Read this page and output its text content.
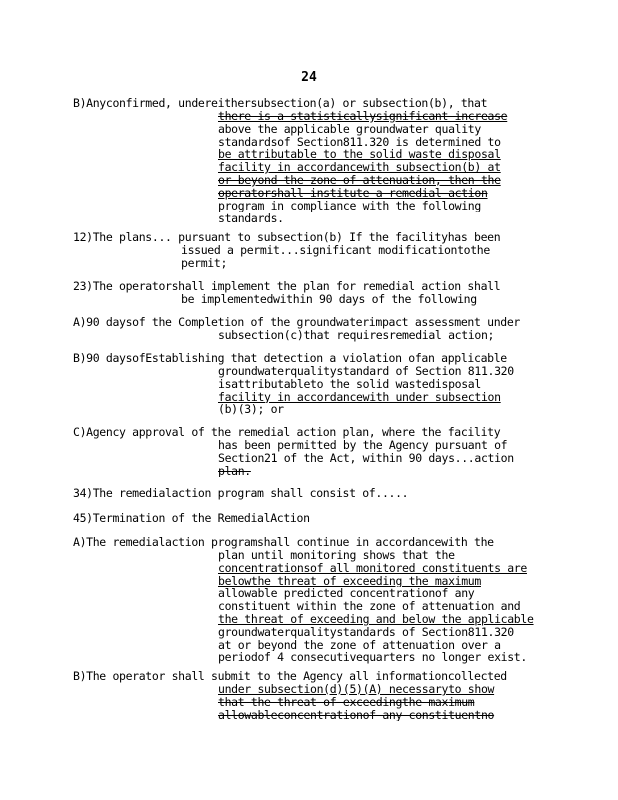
24
B)Anyconfirmed, undereithersubsection(a) or subsection(b), that
there is a statisticallysignificant increase
above the applicable groundwater quality
standardsof Section811.320 is determined to
be attributable to the solid waste disposal
facility in accordancewith subsection(b) at
or beyond the zone of attenuation, then the
operatorshall institute a remedial action
program in compliance with the following
standards.
12)The plans... pursuant to subsection(b) If the facilityhas been
issued a permit...significant modificationtothe
permit;
23)The operatorshall implement the plan for remedial action shall
be implementedwithin 90 days of the following
A)90 daysof the Completion of the groundwaterimpact assessment under
subsection(c)that requiresremedial action;
B)90 daysofEstablishing that detection a violation ofan applicable
groundwaterqualitystandard of Section 811.320
isattributableto the solid wastedisposal
facility in accordancewith under subsection
(b)(3); or
C)Agency approval of the remedial action plan, where the facility
has been permitted by the Agency pursuant of
Section21 of the Act, within 90 days...action
plan.
34)The remedialaction program shall consist of.....
45)Termination of the RemedialAction
A)The remedialaction programshall continue in accordancewith the
plan until monitoring shows that the
concentrationsof all monitored constituents are
belowthe threat of exceeding the maximum
allowable predicted concentrationof any
constituent within the zone of attenuation and
the threat of exceeding and below the applicable
groundwaterqualitystandards of Section811.320
at or beyond the zone of attenuation over a
periodof 4 consecutivequarters no longer exist.
B)The operator shall submit to the Agency all informationcollected
under subsection(d)(5)(A) necessaryto show
that the threat of exceedingthe maximum
allowableconcentrationof any constituentno
